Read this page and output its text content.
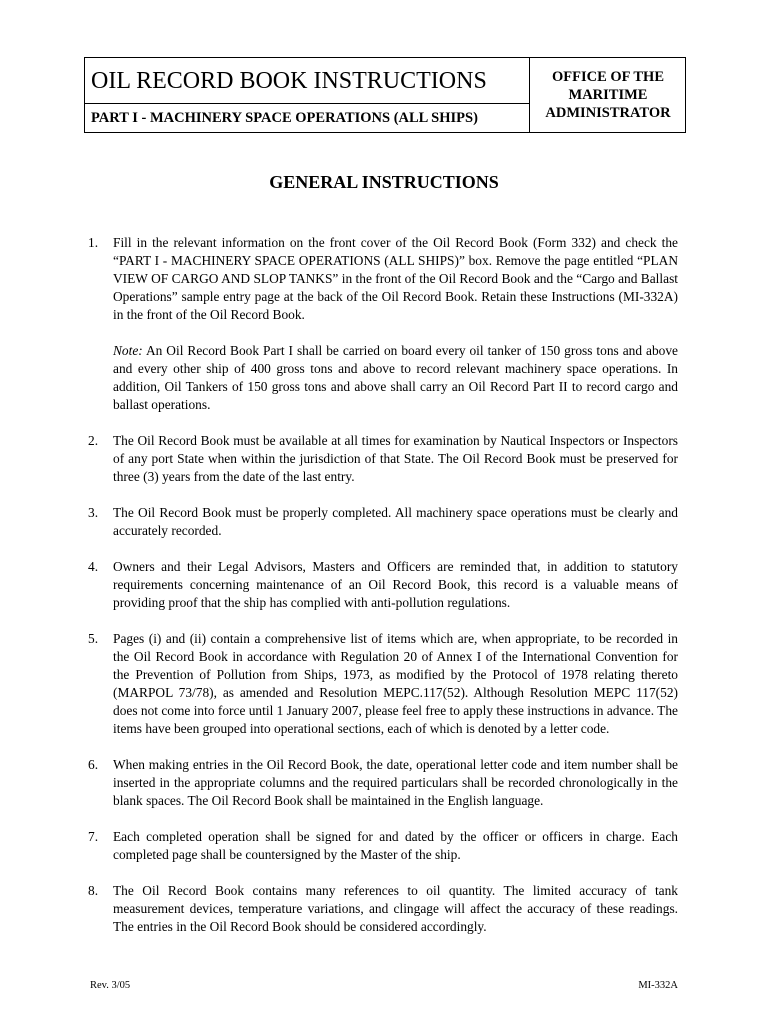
OIL RECORD BOOK INSTRUCTIONS
PART I - MACHINERY SPACE OPERATIONS (ALL SHIPS)
OFFICE OF THE
MARITIME
ADMINISTRATOR
GENERAL INSTRUCTIONS
1. Fill in the relevant information on the front cover of the Oil Record Book (Form 332) and check the “PART I - MACHINERY SPACE OPERATIONS (ALL SHIPS)” box. Remove the page entitled “PLAN VIEW OF CARGO AND SLOP TANKS” in the front of the Oil Record Book and the “Cargo and Ballast Operations” sample entry page at the back of the Oil Record Book. Retain these Instructions (MI-332A) in the front of the Oil Record Book.
Note: An Oil Record Book Part I shall be carried on board every oil tanker of 150 gross tons and above and every other ship of 400 gross tons and above to record relevant machinery space operations. In addition, Oil Tankers of 150 gross tons and above shall carry an Oil Record Part II to record cargo and ballast operations.
2. The Oil Record Book must be available at all times for examination by Nautical Inspectors or Inspectors of any port State when within the jurisdiction of that State. The Oil Record Book must be preserved for three (3) years from the date of the last entry.
3. The Oil Record Book must be properly completed. All machinery space operations must be clearly and accurately recorded.
4. Owners and their Legal Advisors, Masters and Officers are reminded that, in addition to statutory requirements concerning maintenance of an Oil Record Book, this record is a valuable means of providing proof that the ship has complied with anti-pollution regulations.
5. Pages (i) and (ii) contain a comprehensive list of items which are, when appropriate, to be recorded in the Oil Record Book in accordance with Regulation 20 of Annex I of the International Convention for the Prevention of Pollution from Ships, 1973, as modified by the Protocol of 1978 relating thereto (MARPOL 73/78), as amended and Resolution MEPC.117(52). Although Resolution MEPC 117(52) does not come into force until 1 January 2007, please feel free to apply these instructions in advance. The items have been grouped into operational sections, each of which is denoted by a letter code.
6. When making entries in the Oil Record Book, the date, operational letter code and item number shall be inserted in the appropriate columns and the required particulars shall be recorded chronologically in the blank spaces. The Oil Record Book shall be maintained in the English language.
7. Each completed operation shall be signed for and dated by the officer or officers in charge. Each completed page shall be countersigned by the Master of the ship.
8. The Oil Record Book contains many references to oil quantity. The limited accuracy of tank measurement devices, temperature variations, and clingage will affect the accuracy of these readings. The entries in the Oil Record Book should be considered accordingly.
Rev. 3/05	MI-332A
